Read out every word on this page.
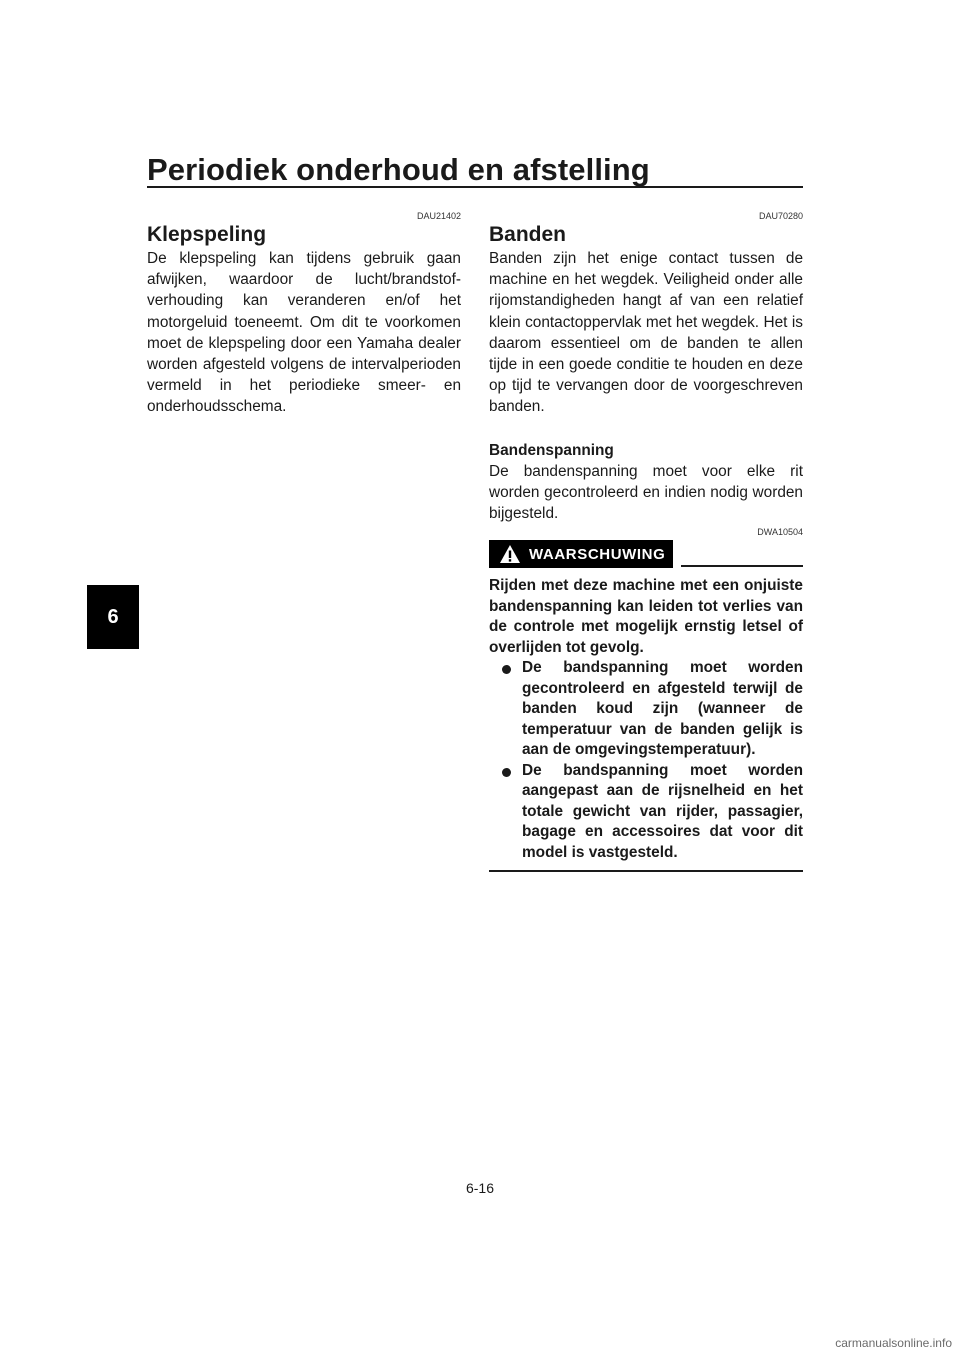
Periodiek onderhoud en afstelling
6

DAU21402

Klepspeling

De klepspeling kan tijdens gebruik gaan afwijken, waardoor de lucht/brandstof-verhouding kan veranderen en/of het motorgeluid toeneemt. Om dit te voorkomen moet de klepspeling door een Yamaha dealer worden afgesteld volgens de intervalperioden vermeld in het periodieke smeer- en onderhoudsschema.

DAU70280

Banden

Banden zijn het enige contact tussen de machine en het wegdek. Veiligheid onder alle rijomstandigheden hangt af van een relatief klein contactoppervlak met het wegdek. Het is daarom essentieel om de banden te allen tijde in een goede conditie te houden en deze op tijd te vervangen door de voorgeschreven banden.

Bandenspanning

De bandenspanning moet voor elke rit worden gecontroleerd en indien nodig worden bijgesteld.

DWA10504

WAARSCHUWING

Rijden met deze machine met een onjuiste bandenspanning kan leiden tot verlies van de controle met mogelijk ernstig letsel of overlijden tot gevolg.

De bandspanning moet worden gecontroleerd en afgesteld terwijl de banden koud zijn (wanneer de temperatuur van de banden gelijk is aan de omgevingstemperatuur).
De bandspanning moet worden aangepast aan de rijsnelheid en het totale gewicht van rijder, passagier, bagage en accessoires dat voor dit model is vastgesteld.
6-16
carmanualsonline.info
